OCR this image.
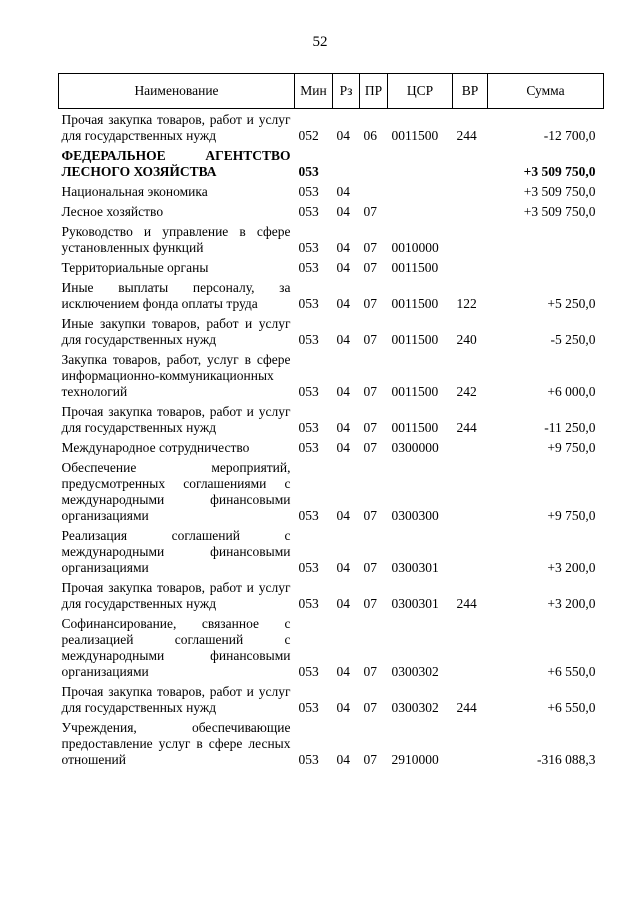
52
Наименование	Мин	Рз	ПР	ЦСР	ВР	Сумма
Прочая закупка товаров, работ и услуг для государственных нужд	052	04	06	0011500	244	-12 700,0
ФЕДЕРАЛЬНОЕ АГЕНТСТВО ЛЕСНОГО ХОЗЯЙСТВА	053					+3 509 750,0
Национальная экономика	053	04				+3 509 750,0
Лесное хозяйство	053	04	07			+3 509 750,0
Руководство и управление в сфере установленных функций	053	04	07	0010000		
Территориальные органы	053	04	07	0011500		
Иные выплаты персоналу, за исключением фонда оплаты труда	053	04	07	0011500	122	+5 250,0
Иные закупки товаров, работ и услуг для государственных нужд	053	04	07	0011500	240	-5 250,0
Закупка товаров, работ, услуг в сфере информационно-коммуникационных технологий	053	04	07	0011500	242	+6 000,0
Прочая закупка товаров, работ и услуг для государственных нужд	053	04	07	0011500	244	-11 250,0
Международное сотрудничество	053	04	07	0300000		+9 750,0
Обеспечение мероприятий, предусмотренных соглашениями с международными финансовыми организациями	053	04	07	0300300		+9 750,0
Реализация соглашений с международными финансовыми организациями	053	04	07	0300301		+3 200,0
Прочая закупка товаров, работ и услуг для государственных нужд	053	04	07	0300301	244	+3 200,0
Софинансирование, связанное с реализацией соглашений с международными финансовыми организациями	053	04	07	0300302		+6 550,0
Прочая закупка товаров, работ и услуг для государственных нужд	053	04	07	0300302	244	+6 550,0
Учреждения, обеспечивающие предоставление услуг в сфере лесных отношений	053	04	07	2910000		-316 088,3
